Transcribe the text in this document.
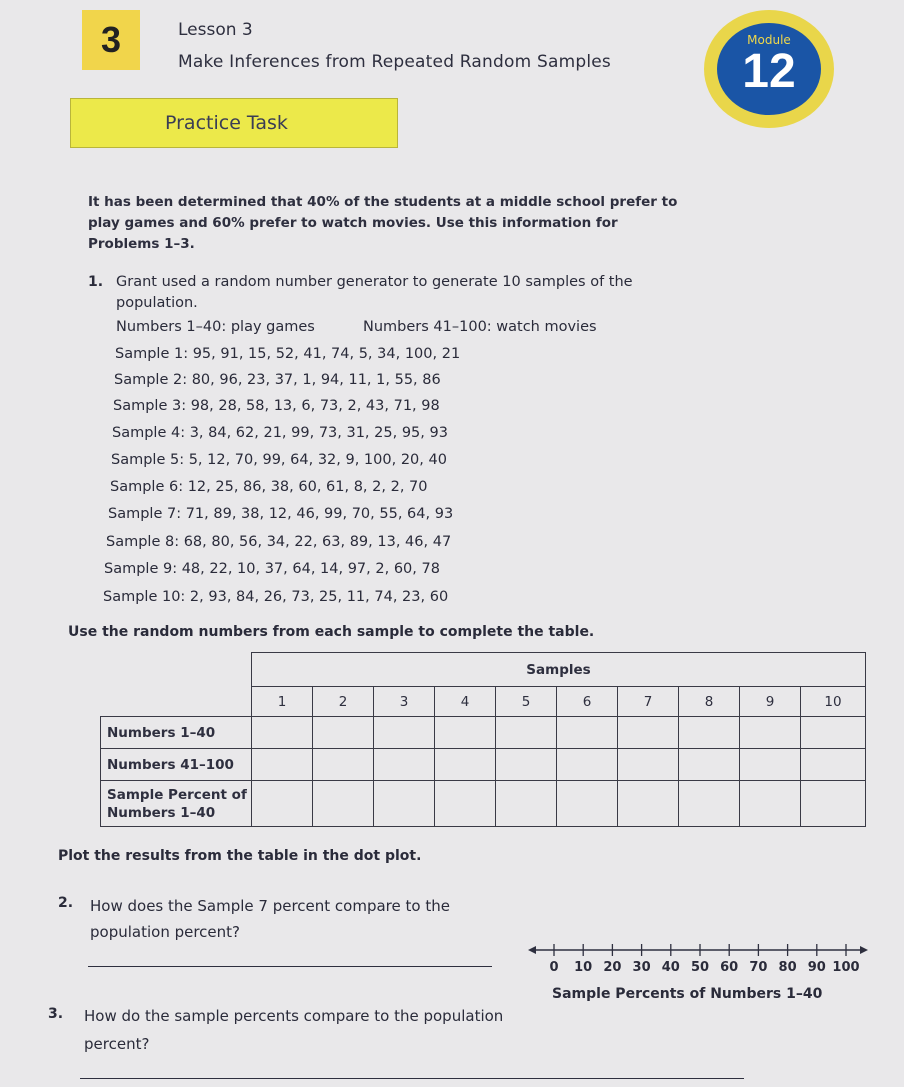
3	Lesson 3
Make Inferences from Repeated Random Samples
Module
12
Practice Task
It has been determined that 40% of the students at a middle school prefer to play games and 60% prefer to watch movies. Use this information for Problems 1–3.
1. Grant used a random number generator to generate 10 samples of the population.
Numbers 1–40: play games	Numbers 41–100: watch movies
Sample 1: 95, 91, 15, 52, 41, 74, 5, 34, 100, 21
Sample 2: 80, 96, 23, 37, 1, 94, 11, 1, 55, 86
Sample 3: 98, 28, 58, 13, 6, 73, 2, 43, 71, 98
Sample 4: 3, 84, 62, 21, 99, 73, 31, 25, 95, 93
Sample 5: 5, 12, 70, 99, 64, 32, 9, 100, 20, 40
Sample 6: 12, 25, 86, 38, 60, 61, 8, 2, 2, 70
Sample 7: 71, 89, 38, 12, 46, 99, 70, 55, 64, 93
Sample 8: 68, 80, 56, 34, 22, 63, 89, 13, 46, 47
Sample 9: 48, 22, 10, 37, 64, 14, 97, 2, 60, 78
Sample 10: 2, 93, 84, 26, 73, 25, 11, 74, 23, 60
Use the random numbers from each sample to complete the table.
	Samples									
	1	2	3	4	5	6	7	8	9	10
Numbers 1–40										
Numbers 41–100										
Sample Percent of Numbers 1–40										
Plot the results from the table in the dot plot.
2. How does the Sample 7 percent compare to the population percent?
0 10 20 30 40 50 60 70 80 90 100
Sample Percents of Numbers 1–40
3. How do the sample percents compare to the population percent?
